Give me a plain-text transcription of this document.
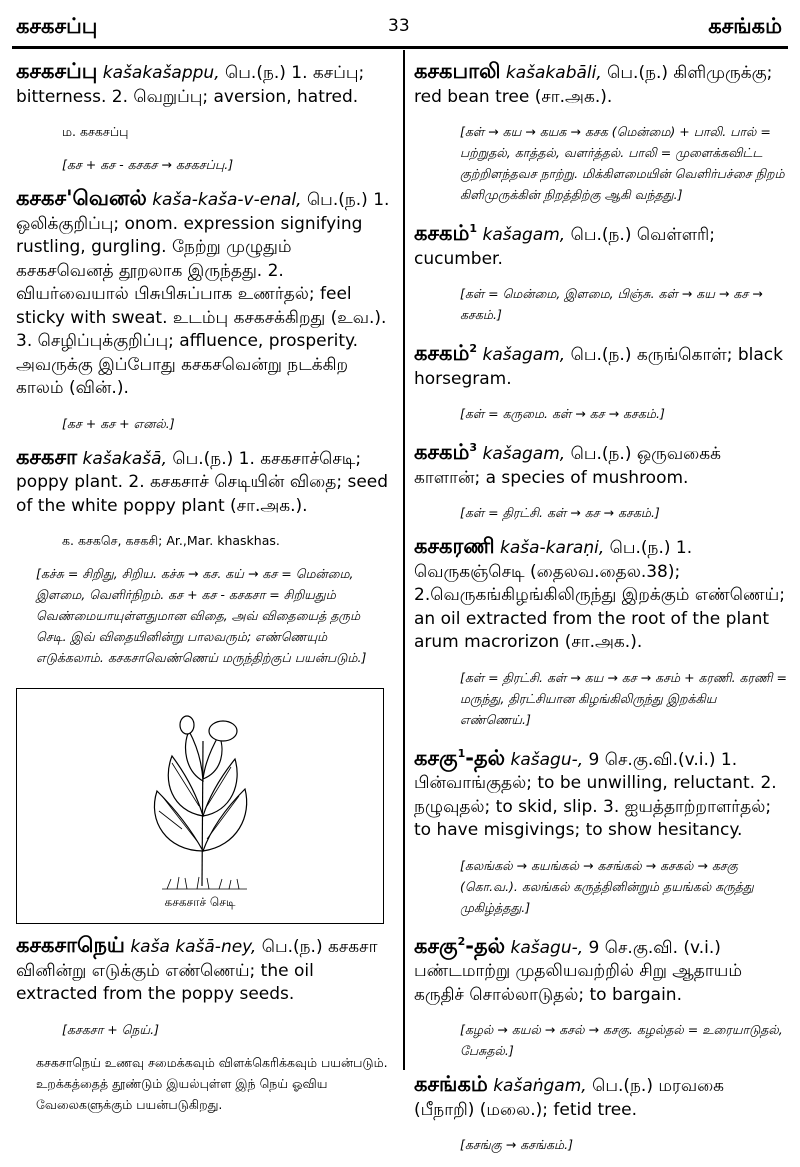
கசகசப்பு	33	கசங்கம்

கசகசப்பு kašakašappu, பெ.(ந.) 1. கசப்பு; bitterness. 2. வெறுப்பு; aversion, hatred.

ம. கசகசப்பு

[கச + கச - கசகச → கசகசப்பு.]

கசகச'வெனல் kaša-kaša-v-enal, பெ.(ந.) 1. ஒலிக்குறிப்பு; onom. expression signifying rustling, gurgling. நேற்று முழுதும் கசகசவெனத் தூறலாக இருந்தது. 2. வியர்வையால் பிசுபிசுப்பாக உணர்தல்; feel sticky with sweat. உடம்பு கசகசக்கிறது (உவ.). 3. செழிப்புக்குறிப்பு; affluence, prosperity. அவருக்கு இப்போது கசகசவென்று நடக்கிற காலம் (வின்.).

[கச + கச + எனல்.]

கசகசா kašakašā, பெ.(ந.) 1. கசகசாச்செடி; poppy plant. 2. கசகசாச் செடியின் விதை; seed of the white poppy plant (சா.அக.).

க. கசகசெ, கசகசி; Ar.,Mar. khaskhas.

[கச்சு = சிறிது, சிறிய. கச்சு → கச. கய் → கச = மென்மை, இளமை, வெளிர்நிறம். கச + கச - கசகசா = சிறியதும் வெண்மையாயுள்ளதுமான விதை, அவ் விதையைத் தரும் செடி. இவ் விதையினின்று பாலவரும்; எண்ணெயும் எடுக்கலாம். கசகசாவெண்ணெய் மருந்திற்குப் பயன்படும்.]

கசகசாச் செடி

கசகசாநெய் kaša kašā-ney, பெ.(ந.) கசகசா வினின்று எடுக்கும் எண்ணெய்; the oil extracted from the poppy seeds.

[கசகசா + நெய்.]

கசகசாநெய் உணவு சமைக்கவும் விளக்கெரிக்கவும் பயன்படும். உறக்கத்தைத் தூண்டும் இயல்புள்ள இந் நெய் ஓவிய வேலைகளுக்கும் பயன்படுகிறது.

கசகபாலி kašakabāli, பெ.(ந.) கிளிமுருக்கு; red bean tree (சா.அக.).

[கள் → கய → கயக → கசக (மென்மை) + பாலி. பால் = பற்றுதல், காத்தல், வளர்த்தல். பாலி = முளைக்கவிட்ட குற்றிளந்தவச நாற்று. மிக்கிளமையின் வெளிர்பச்சை நிறம் கிளிமுருக்கின் நிறத்திற்கு ஆகி வந்தது.]

கசகம்$^1$ kašagam, பெ.(ந.) வெள்ளரி; cucumber.

[கள் = மென்மை, இளமை, பிஞ்சு. கள் → கய → கச → கசகம்.]

கசகம்$^2$ kašagam, பெ.(ந.) கருங்கொள்; black horsegram.

[கள் = கருமை. கள் → கச → கசகம்.]

கசகம்$^3$ kašagam, பெ.(ந.) ஒருவகைக் காளான்; a species of mushroom.

[கள் = திரட்சி. கள் → கச → கசகம்.]

கசகரணி kaša-karaṇi, பெ.(ந.) 1. வெருகஞ்செடி (தைலவ.தைல.38); 2.வெருகங்கிழங்கிலிருந்து இறக்கும் எண்ணெய்; an oil extracted from the root of the plant arum macrorizon (சா.அக.).

[கள் = திரட்சி. கள் → கய → கச → கசம் + கரணி. கரணி = மருந்து, திரட்சியான கிழங்கிலிருந்து இறக்கிய எண்ணெய்.]

கசகு$^1$-தல் kašagu-, 9 செ.கு.வி.(v.i.) 1. பின்வாங்குதல்; to be unwilling, reluctant. 2. நழுவுதல்; to skid, slip. 3. ஐயத்தாற்றாளர்தல்; to have misgivings; to show hesitancy.

[கலங்கல் → கயங்கல் → கசங்கல் → கசகல் → கசகு (கொ.வ.). கலங்கல் கருத்தினின்றும் தயங்கல் கருத்து முகிழ்த்தது.]

கசகு$^2$-தல் kašagu-, 9 செ.கு.வி. (v.i.) பண்டமாற்று முதலியவற்றில் சிறு ஆதாயம் கருதிச் சொல்லாடுதல்; to bargain.

[கழல் → கயல் → கசல் → கசகு. கழல்தல் = உரையாடுதல், பேசுதல்.]

கசங்கம் kašaṅgam, பெ.(ந.) மரவகை (பீநாறி) (மலை.); fetid tree.

[கசங்கு → கசங்கம்.]
